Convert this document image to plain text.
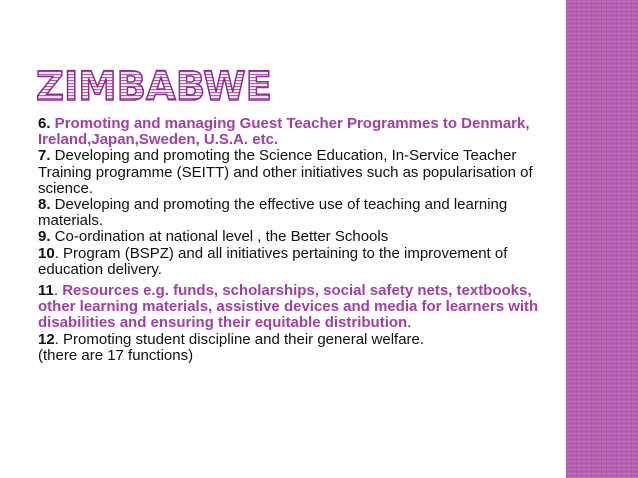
ZIMBABWE

6. Promoting and managing Guest Teacher Programmes to Denmark, Ireland,Japan,Sweden, U.S.A. etc.
7. Developing and promoting the Science Education, In-Service Teacher Training programme (SEITT) and other initiatives such as popularisation of science.
8. Developing and promoting the effective use of teaching and learning materials.
9. Co-ordination at national level , the Better Schools
10. Program (BSPZ) and all initiatives pertaining to the improvement of education delivery.

11. Resources e.g. funds, scholarships, social safety nets, textbooks, other learning materials, assistive devices and media for learners with disabilities and ensuring their equitable distribution.
12. Promoting student discipline and their general welfare.
(there are 17 functions)
